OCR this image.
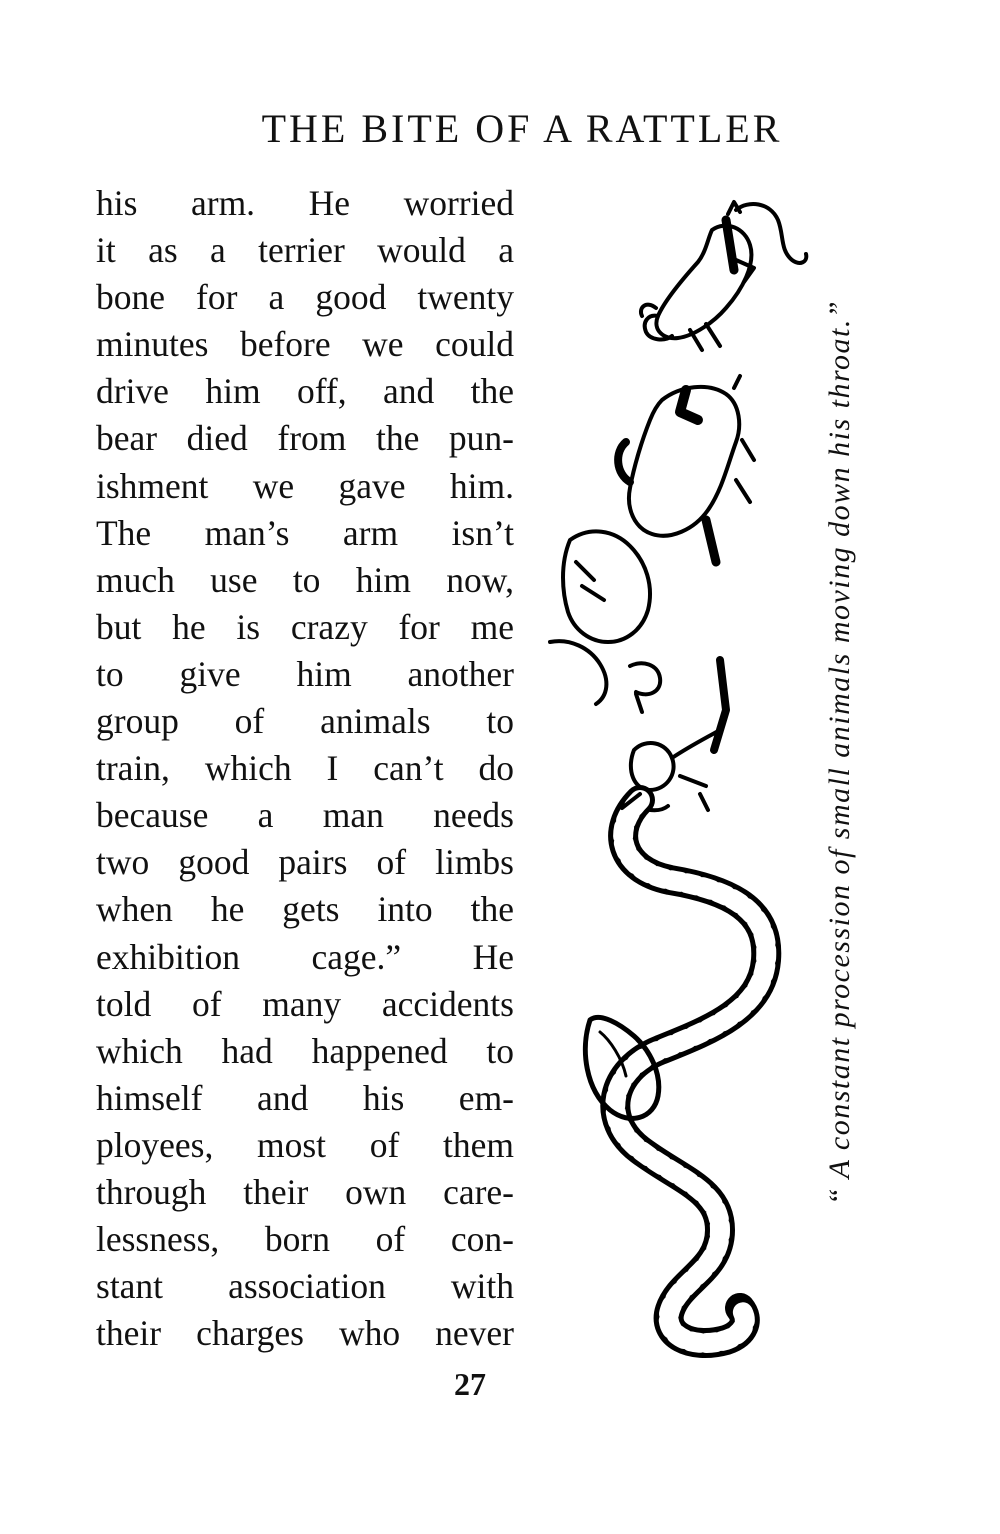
THE BITE OF A RATTLER
his arm. He worried
it as a terrier would a
bone for a good twenty
minutes before we could
drive him off, and the
bear died from the pun-
ishment we gave him.
The man’s arm isn’t
much use to him now,
but he is crazy for me
to give him another
group of animals to
train, which I can’t do
because a man needs
two good pairs of limbs
when he gets into the
exhibition cage.” He
told of many accidents
which had happened to
himself and his em-
ployees, most of them
through their own care-
lessness, born of con-
stant association with
their charges who never
27
“ A constant procession of small animals moving down his throat.”
